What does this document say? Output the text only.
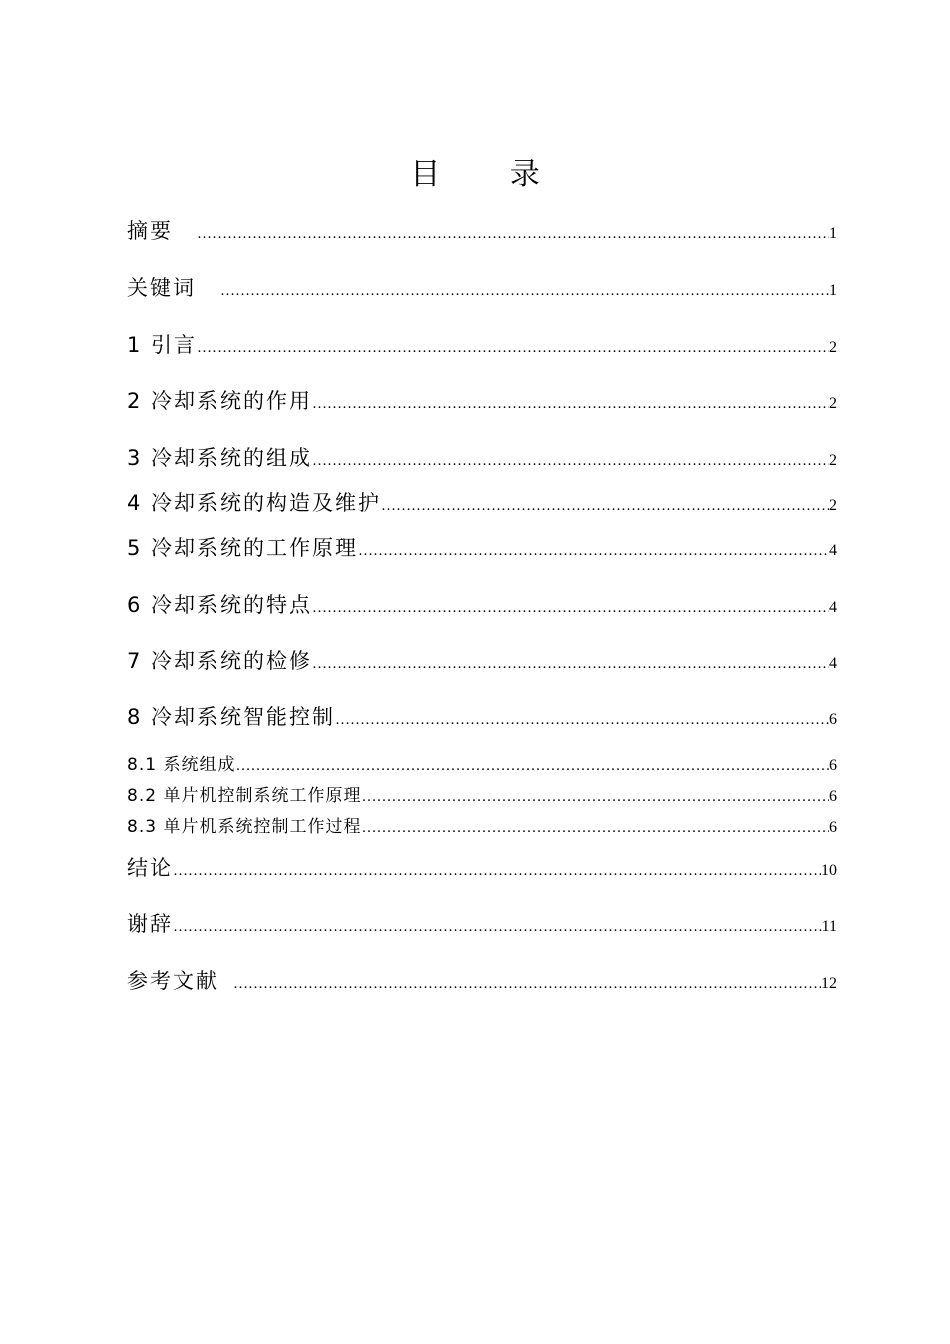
目 录
摘要 …………………………………………………………………………………………………………………………………………………………………………………………	1
关键词 …………………………………………………………………………………………………………………………………………………………………………………………	1
1 引言 …………………………………………………………………………………………………………………………………………………………………………………………	2
2 冷却系统的作用 …………………………………………………………………………………………………………………………………………………………………………………………	2
3 冷却系统的组成 …………………………………………………………………………………………………………………………………………………………………………………………	2
4 冷却系统的构造及维护 …………………………………………………………………………………………………………………………………………………………………………………………	2
5 冷却系统的工作原理 …………………………………………………………………………………………………………………………………………………………………………………………	4
6 冷却系统的特点 …………………………………………………………………………………………………………………………………………………………………………………………	4
7 冷却系统的检修 …………………………………………………………………………………………………………………………………………………………………………………………	4
8 冷却系统智能控制 …………………………………………………………………………………………………………………………………………………………………………………………	6
8.1 系统组成 …………………………………………………………………………………………………………………………………………………………………………………………	6
8.2 单片机控制系统工作原理 …………………………………………………………………………………………………………………………………………………………………………………………	6
8.3 单片机系统控制工作过程 …………………………………………………………………………………………………………………………………………………………………………………………	6
结论 …………………………………………………………………………………………………………………………………………………………………………………………	10
谢辞 …………………………………………………………………………………………………………………………………………………………………………………………	11
参考文献 …………………………………………………………………………………………………………………………………………………………………………………………	12
